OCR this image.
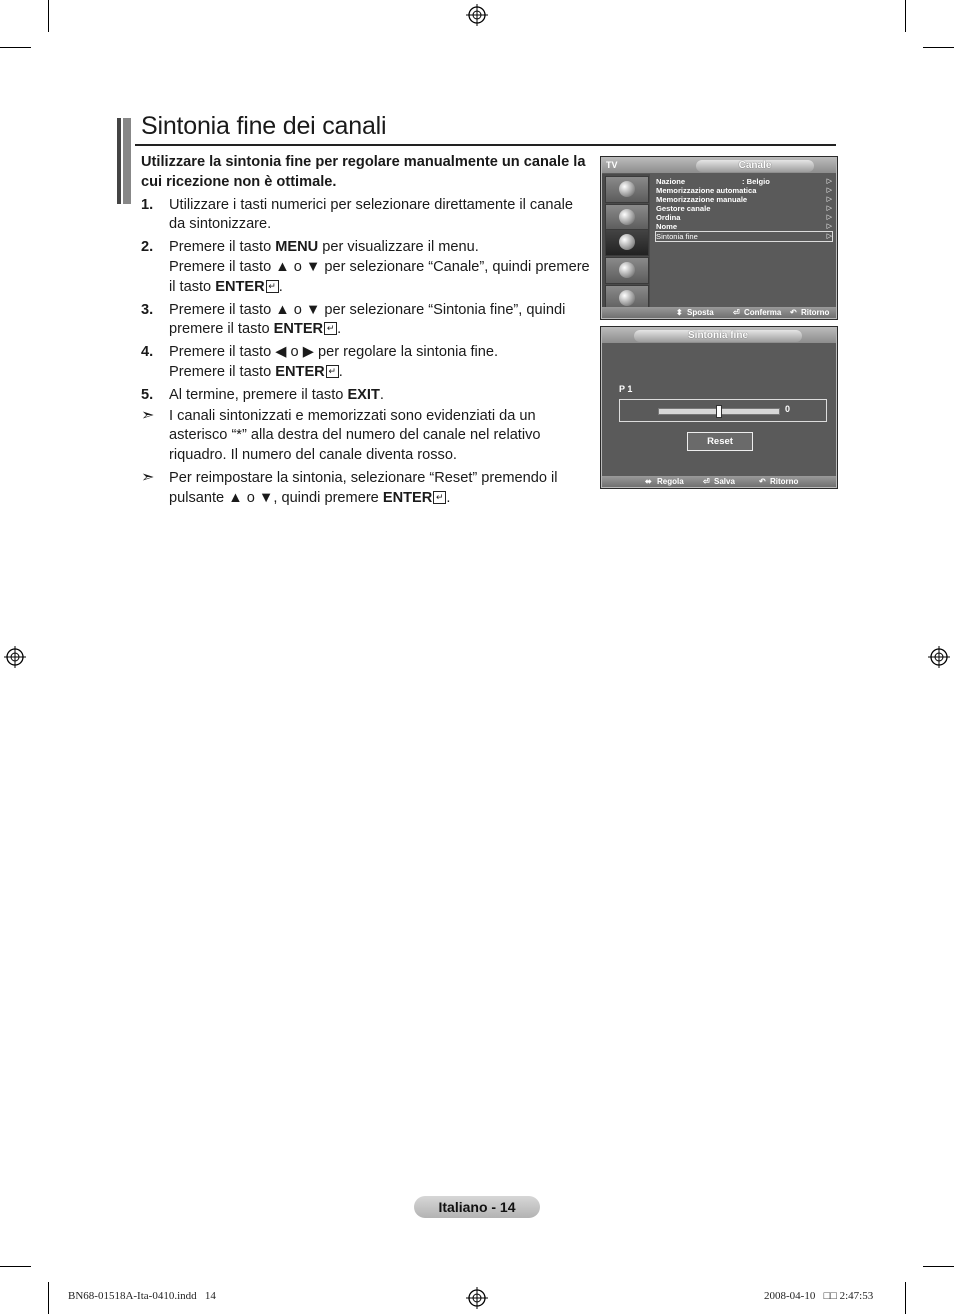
Sintonia fine dei canali

Utilizzare la sintonia fine per regolare manualmente un canale la cui ricezione non è ottimale.

1. Utilizzare i tasti numerici per selezionare direttamente il canale da sintonizzare.
2. Premere il tasto MENU per visualizzare il menu.
Premere il tasto ▲ o ▼ per selezionare “Canale”, quindi premere il tasto ENTER ↵ .
3. Premere il tasto ▲ o ▼ per selezionare “Sintonia fine”, quindi premere il tasto ENTER ↵ .
4. Premere il tasto ◀ o ▶ per regolare la sintonia fine.
Premere il tasto ENTER ↵ .
5. Al termine, premere il tasto EXIT.
➣ I canali sintonizzati e memorizzati sono evidenziati da un asterisco “*” alla destra del numero del canale nel relativo riquadro. Il numero del canale diventa rosso.
➣ Per reimpostare la sintonia, selezionare “Reset” premendo il pulsante ▲ o ▼, quindi premere ENTER ↵ .
TV	Canale
Nazione	: Belgio	▷
Memorizzazione automatica	▷
Memorizzazione manuale	▷
Gestore canale	▷
Ordina	▷
Nome	▷
Sintonia fine	▷
⬍ Sposta ⏎ Conferma ↶ Ritorno
Sintonia fine
P 1
0
Reset
⬌ Regola ⏎ Salva	↶ Ritorno
Italiano - 14
BN68-01518A-Ita-0410.indd   14	2008-04-10   □□ 2:47:53
